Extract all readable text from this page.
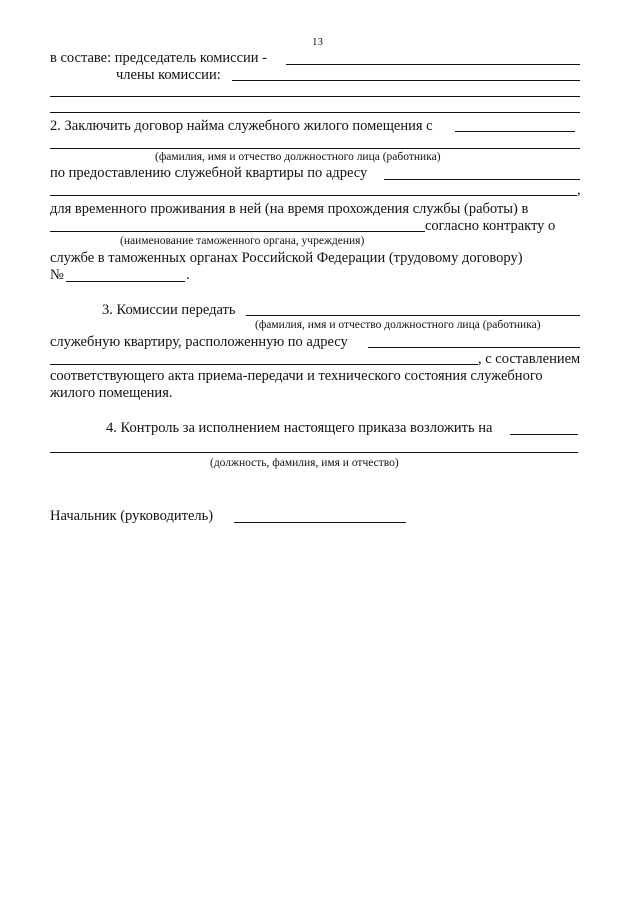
13
в составе: председатель комиссии -
члены комиссии:
2. Заключить договор найма служебного жилого помещения с
(фамилия, имя и отчество должностного лица (работника)
по предоставлению служебной квартиры по адресу
,
для временного проживания в ней (на время прохождения службы (работы) в
согласно контракту о
(наименование таможенного органа, учреждения)
службе в таможенных органах Российской Федерации (трудовому договору)
№	.
3. Комиссии передать
(фамилия, имя и отчество должностного лица (работника)
служебную квартиру, расположенную по адресу
, с составлением
соответствующего акта приема-передачи и технического состояния служебного
жилого помещения.
4. Контроль за исполнением настоящего приказа возложить на
(должность, фамилия, имя и отчество)
Начальник (руководитель)
